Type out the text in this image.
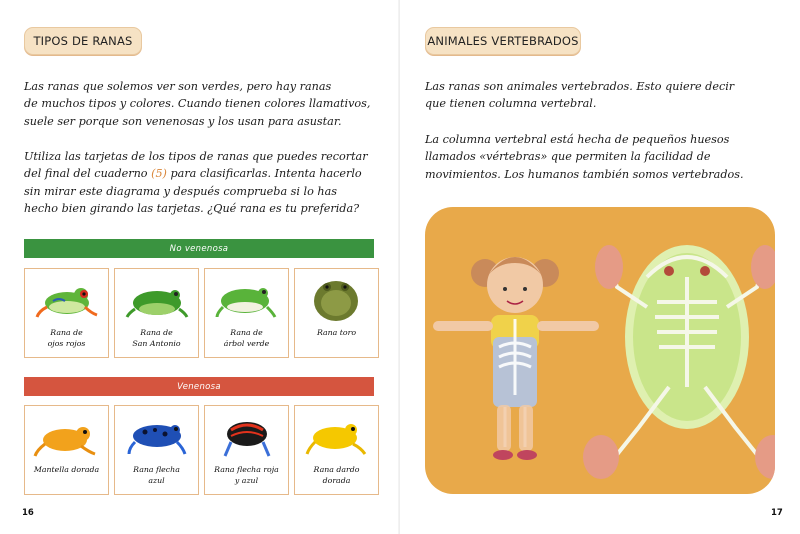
TIPOS DE RANAS
Las ranas que solemos ver son verdes, pero hay ranas
de muchos tipos y colores. Cuando tienen colores llamativos,
suele ser porque son venenosas y los usan para asustar.
Utiliza las tarjetas de los tipos de ranas que puedes recortar
del final del cuaderno (5) para clasificarlas. Intenta hacerlo
sin mirar este diagrama y después comprueba si lo has
hecho bien girando las tarjetas. ¿Qué rana es tu preferida?
No venenosa
Rana de
ojos rojos
Rana de
San Antonio
Rana de
árbol verde
Rana toro
Venenosa
Mantella dorada	Rana flecha
azul
Rana flecha roja
y azul
Rana dardo
dorada
16
ANIMALES VERTEBRADOS
Las ranas son animales vertebrados. Esto quiere decir
que tienen columna vertebral.
La columna vertebral está hecha de pequeños huesos
llamados «vértebras» que permiten la facilidad de
movimientos. Los humanos también somos vertebrados.
17
